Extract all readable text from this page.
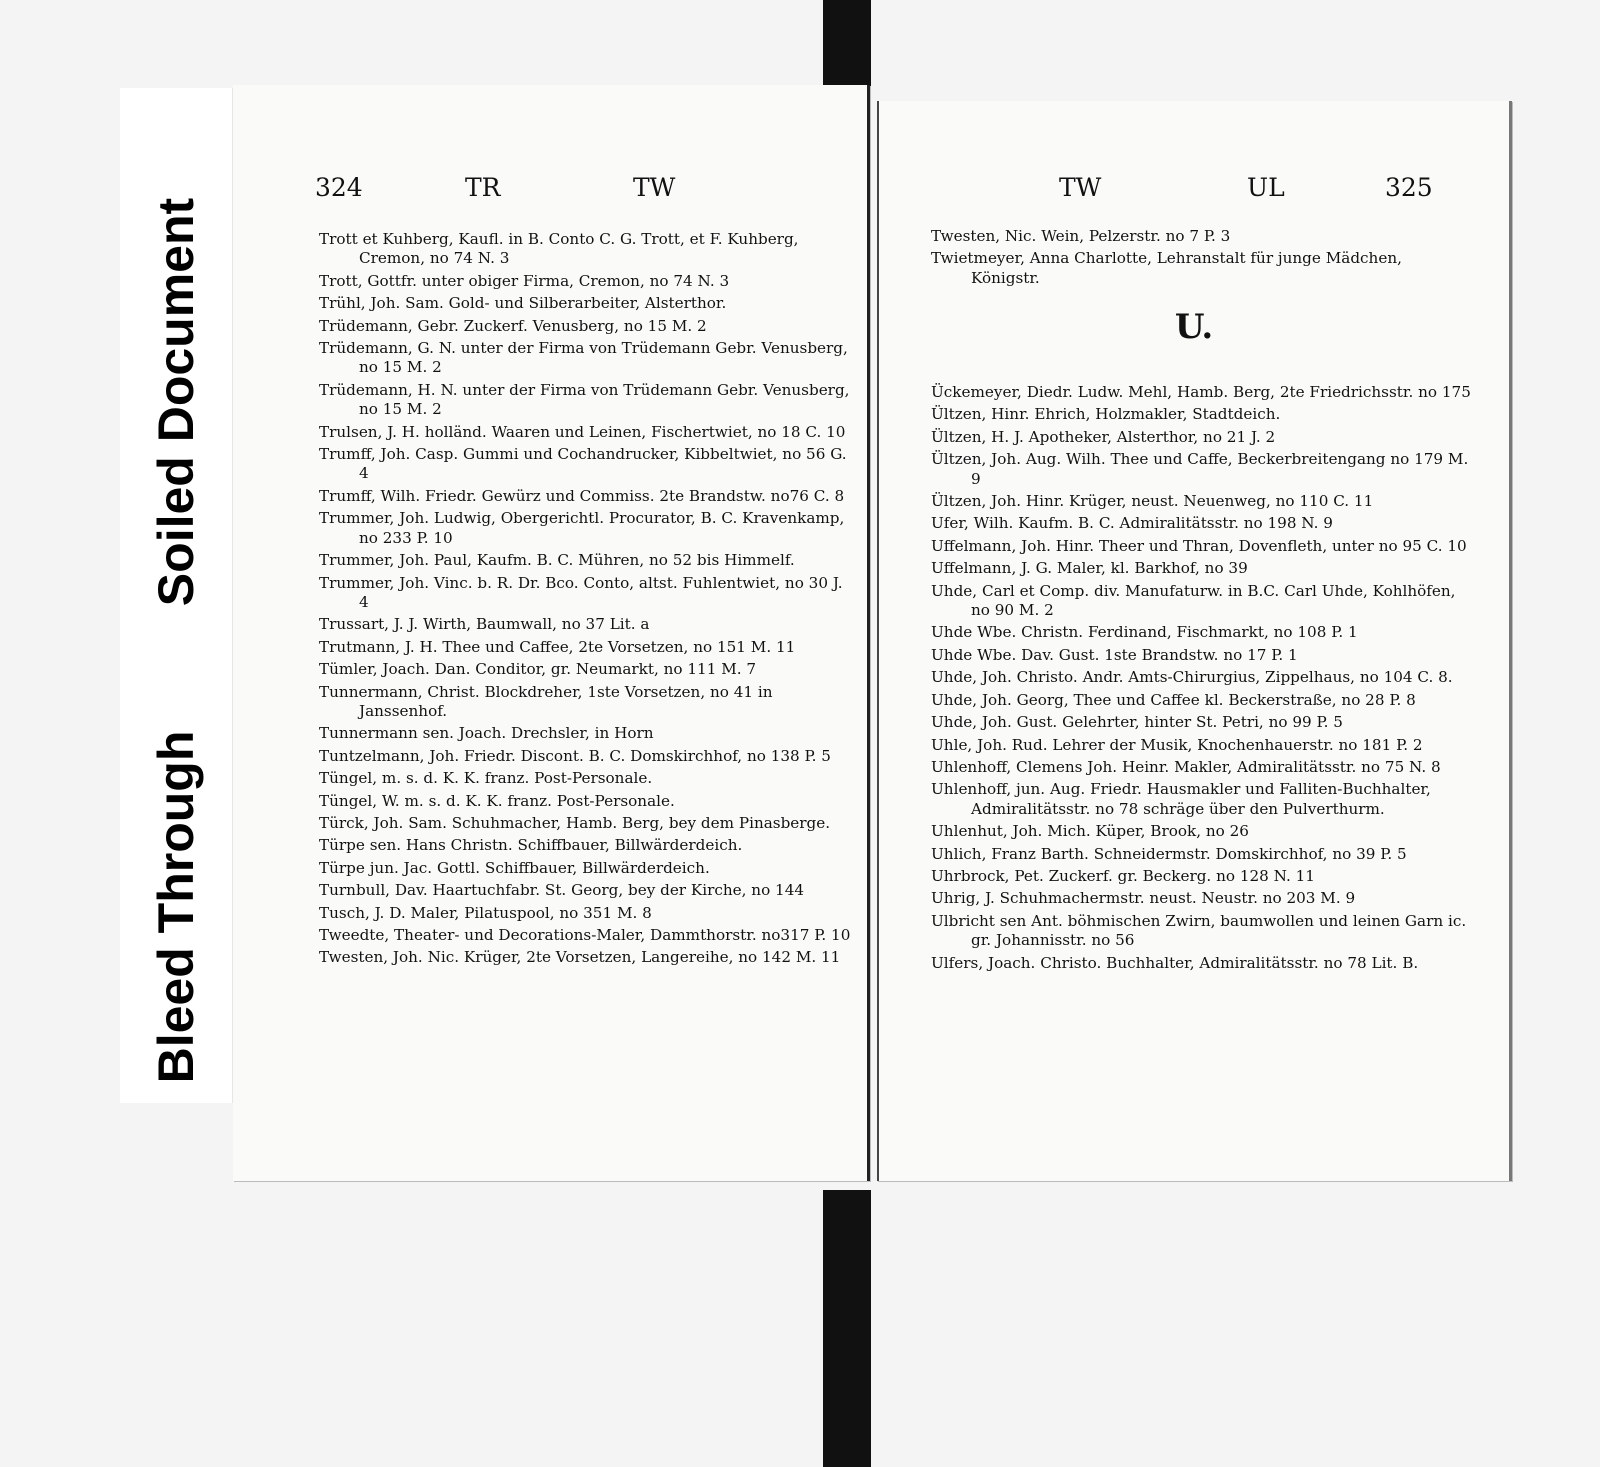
Soiled Document
Bleed Through
324	TR	TW

Trott et Kuhberg, Kaufl. in B. Conto C. G. Trott, et F. Kuhberg, Cremon, no 74 N. 3

Trott, Gottfr. unter obiger Firma, Cremon, no 74 N. 3

Trühl, Joh. Sam. Gold- und Silberarbeiter, Alsterthor.

Trüdemann, Gebr. Zuckerf. Venusberg, no 15 M. 2

Trüdemann, G. N. unter der Firma von Trüdemann Gebr. Venusberg, no 15 M. 2

Trüdemann, H. N. unter der Firma von Trüdemann Gebr. Venusberg, no 15 M. 2

Trulsen, J. H. holländ. Waaren und Leinen, Fischertwiet, no 18 C. 10

Trumff, Joh. Casp. Gummi und Cochandrucker, Kibbeltwiet, no 56 G. 4

Trumff, Wilh. Friedr. Gewürz und Commiss. 2te Brandstw. no76 C. 8

Trummer, Joh. Ludwig, Obergerichtl. Procurator, B. C. Kravenkamp, no 233 P. 10

Trummer, Joh. Paul, Kaufm. B. C. Mühren, no 52 bis Himmelf.

Trummer, Joh. Vinc. b. R. Dr. Bco. Conto, altst. Fuhlentwiet, no 30 J. 4

Trussart, J. J. Wirth, Baumwall, no 37 Lit. a

Trutmann, J. H. Thee und Caffee, 2te Vorsetzen, no 151 M. 11

Tümler, Joach. Dan. Conditor, gr. Neumarkt, no 111 M. 7

Tunnermann, Christ. Blockdreher, 1ste Vorsetzen, no 41 in Janssenhof.

Tunnermann sen. Joach. Drechsler, in Horn

Tuntzelmann, Joh. Friedr. Discont. B. C. Domskirchhof, no 138 P. 5

Tüngel, m. s. d. K. K. franz. Post-Personale.

Tüngel, W. m. s. d. K. K. franz. Post-Personale.

Türck, Joh. Sam. Schuhmacher, Hamb. Berg, bey dem Pinasberge.

Türpe sen. Hans Christn. Schiffbauer, Billwärderdeich.

Türpe jun. Jac. Gottl. Schiffbauer, Billwärderdeich.

Turnbull, Dav. Haartuchfabr. St. Georg, bey der Kirche, no 144

Tusch, J. D. Maler, Pilatuspool, no 351 M. 8

Tweedte, Theater- und Decorations-Maler, Dammthorstr. no317 P. 10

Twesten, Joh. Nic. Krüger, 2te Vorsetzen, Langereihe, no 142 M. 11

TW	UL	325

Twesten, Nic. Wein, Pelzerstr. no 7 P. 3

Twietmeyer, Anna Charlotte, Lehranstalt für junge Mädchen, Königstr.

U.

Ückemeyer, Diedr. Ludw. Mehl, Hamb. Berg, 2te Friedrichsstr. no 175

Ültzen, Hinr. Ehrich, Holzmakler, Stadtdeich.

Ültzen, H. J. Apotheker, Alsterthor, no 21 J. 2

Ültzen, Joh. Aug. Wilh. Thee und Caffe, Beckerbreitengang no 179 M. 9

Ültzen, Joh. Hinr. Krüger, neust. Neuenweg, no 110 C. 11

Ufer, Wilh. Kaufm. B. C. Admiralitätsstr. no 198 N. 9

Uffelmann, Joh. Hinr. Theer und Thran, Dovenfleth, unter no 95 C. 10

Uffelmann, J. G. Maler, kl. Barkhof, no 39

Uhde, Carl et Comp. div. Manufaturw. in B.C. Carl Uhde, Kohlhöfen, no 90 M. 2

Uhde Wbe. Christn. Ferdinand, Fischmarkt, no 108 P. 1

Uhde Wbe. Dav. Gust. 1ste Brandstw. no 17 P. 1

Uhde, Joh. Christo. Andr. Amts-Chirurgius, Zippelhaus, no 104 C. 8.

Uhde, Joh. Georg, Thee und Caffee kl. Beckerstraße, no 28 P. 8

Uhde, Joh. Gust. Gelehrter, hinter St. Petri, no 99 P. 5

Uhle, Joh. Rud. Lehrer der Musik, Knochenhauerstr. no 181 P. 2

Uhlenhoff, Clemens Joh. Heinr. Makler, Admiralitätsstr. no 75 N. 8

Uhlenhoff, jun. Aug. Friedr. Hausmakler und Falliten-Buchhalter, Admiralitätsstr. no 78 schräge über den Pulverthurm.

Uhlenhut, Joh. Mich. Küper, Brook, no 26

Uhlich, Franz Barth. Schneidermstr. Domskirchhof, no 39 P. 5

Uhrbrock, Pet. Zuckerf. gr. Beckerg. no 128 N. 11

Uhrig, J. Schuhmachermstr. neust. Neustr. no 203 M. 9

Ulbricht sen Ant. böhmischen Zwirn, baumwollen und leinen Garn ic. gr. Johannisstr. no 56

Ulfers, Joach. Christo. Buchhalter, Admiralitätsstr. no 78 Lit. B.
